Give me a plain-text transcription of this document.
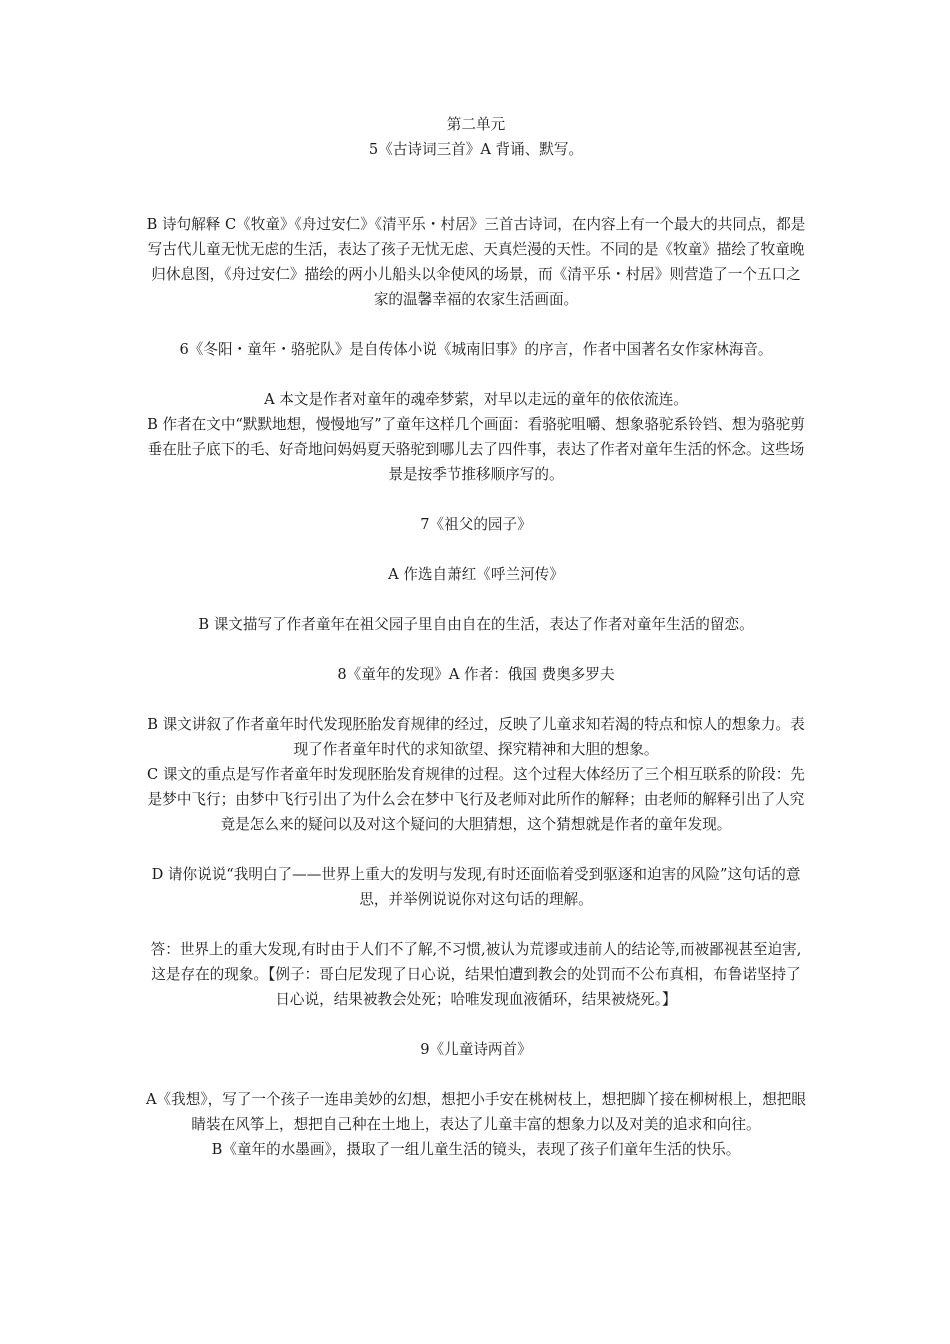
第二单元

5《古诗词三首》A 背诵、默写。

B 诗句解释 C《牧童》《舟过安仁》《清平乐・村居》三首古诗词，在内容上有一个最大的共同点，都是写古代儿童无忧无虑的生活，表达了孩子无忧无虑、天真烂漫的天性。不同的是《牧童》描绘了牧童晚归休息图，《舟过安仁》描绘的两小儿船头以伞使风的场景，而《清平乐・村居》则营造了一个五口之家的温馨幸福的农家生活画面。

6《冬阳・童年・骆驼队》是自传体小说《城南旧事》的序言，作者中国著名女作家林海音。

A 本文是作者对童年的魂牵梦萦，对早以走远的童年的依依流连。

B 作者在文中“默默地想，慢慢地写”了童年这样几个画面：看骆驼咀嚼、想象骆驼系铃铛、想为骆驼剪垂在肚子底下的毛、好奇地问妈妈夏天骆驼到哪儿去了四件事，表达了作者对童年生活的怀念。这些场景是按季节推移顺序写的。

7《祖父的园子》

A 作选自萧红《呼兰河传》

B 课文描写了作者童年在祖父园子里自由自在的生活，表达了作者对童年生活的留恋。

8《童年的发现》A 作者：俄国 费奥多罗夫

B 课文讲叙了作者童年时代发现胚胎发育规律的经过，反映了儿童求知若渴的特点和惊人的想象力。表现了作者童年时代的求知欲望、探究精神和大胆的想象。

C 课文的重点是写作者童年时发现胚胎发育规律的过程。这个过程大体经历了三个相互联系的阶段：先是梦中飞行；由梦中飞行引出了为什么会在梦中飞行及老师对此所作的解释；由老师的解释引出了人究竟是怎么来的疑问以及对这个疑问的大胆猜想，这个猜想就是作者的童年发现。

D 请你说说“我明白了——世界上重大的发明与发现,有时还面临着受到驱逐和迫害的风险”这句话的意思，并举例说说你对这句话的理解。

答：世界上的重大发现,有时由于人们不了解,不习惯,被认为荒谬或违前人的结论等,而被鄙视甚至迫害,这是存在的现象。【例子：哥白尼发现了日心说，结果怕遭到教会的处罚而不公布真相，布鲁诺坚持了日心说，结果被教会处死；哈唯发现血液循环，结果被烧死。】

9《儿童诗两首》

A《我想》，写了一个孩子一连串美妙的幻想，想把小手安在桃树枝上，想把脚丫接在柳树根上，想把眼睛装在风筝上，想把自己种在土地上，表达了儿童丰富的想象力以及对美的追求和向往。

B《童年的水墨画》，摄取了一组儿童生活的镜头，表现了孩子们童年生活的快乐。
